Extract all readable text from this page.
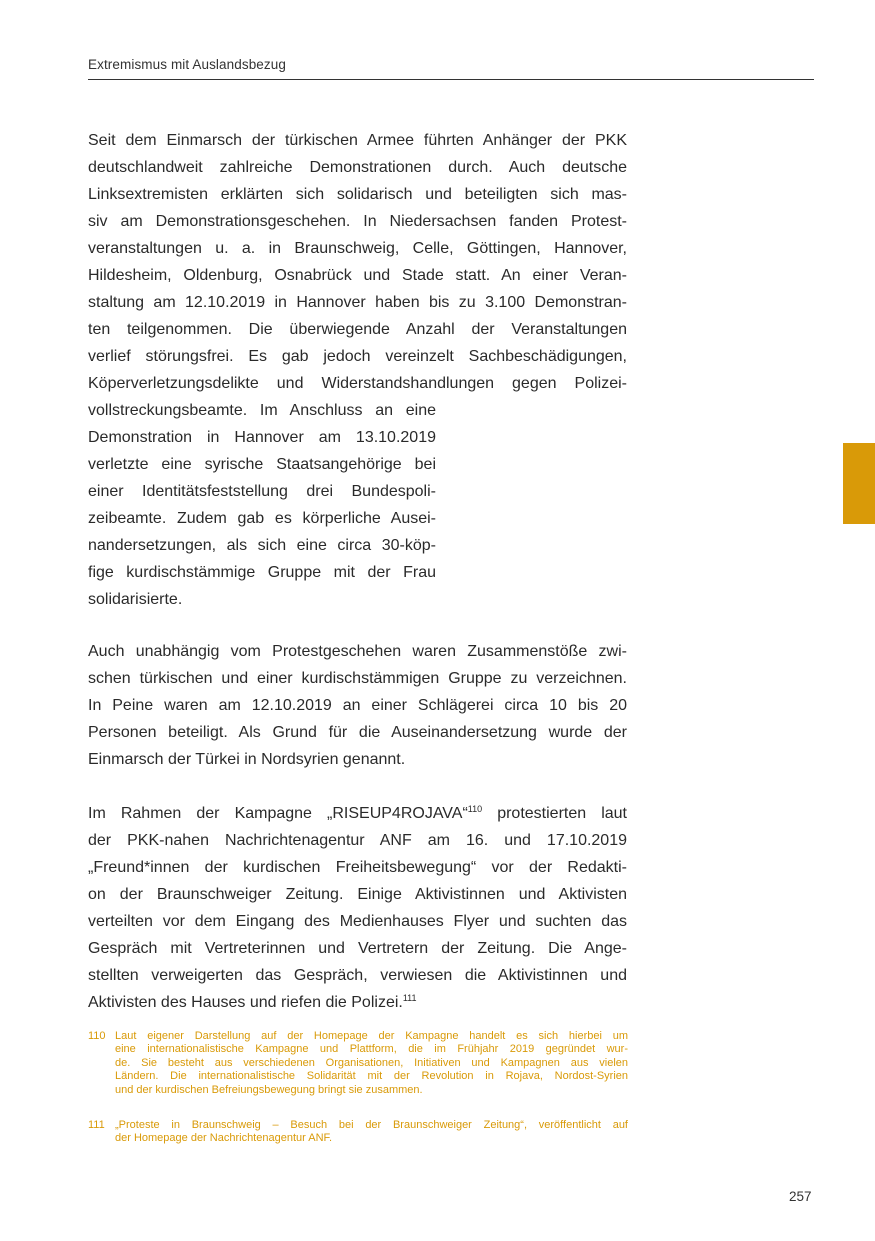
Extremismus mit Auslandsbezug
Seit dem Einmarsch der türkischen Armee führten Anhänger der PKK
deutschlandweit zahlreiche Demonstrationen durch. Auch deutsche
Linksextremisten erklärten sich solidarisch und beteiligten sich mas-
siv am Demonstrationsgeschehen. In Niedersachsen fanden Protest-
veranstaltungen u. a. in Braunschweig, Celle, Göttingen, Hannover,
Hildesheim, Oldenburg, Osnabrück und Stade statt. An einer Veran-
staltung am 12.10.2019 in Hannover haben bis zu 3.100 Demonstran-
ten teilgenommen. Die überwiegende Anzahl der Veranstaltungen
verlief störungsfrei. Es gab jedoch vereinzelt Sachbeschädigungen,
Köperverletzungsdelikte und Widerstandshandlungen gegen Polizei-
vollstreckungsbeamte. Im Anschluss an eine
Demonstration in Hannover am 13.10.2019
verletzte eine syrische Staatsangehörige bei
einer Identitätsfeststellung drei Bundespoli-
zeibeamte. Zudem gab es körperliche Ausei-
nandersetzungen, als sich eine circa 30-köp-
fige kurdischstämmige Gruppe mit der Frau
solidarisierte.
Auch unabhängig vom Protestgeschehen waren Zusammenstöße zwi-
schen türkischen und einer kurdischstämmigen Gruppe zu verzeichnen.
In Peine waren am 12.10.2019 an einer Schlägerei circa 10 bis 20
Personen beteiligt. Als Grund für die Auseinandersetzung wurde der
Einmarsch der Türkei in Nordsyrien genannt.
Im Rahmen der Kampagne „RISEUP4ROJAVA“$^{110}$ protestierten laut
der PKK-nahen Nachrichtenagentur ANF am 16. und 17.10.2019
„Freund*innen der kurdischen Freiheitsbewegung“ vor der Redakti-
on der Braunschweiger Zeitung. Einige Aktivistinnen und Aktivisten
verteilten vor dem Eingang des Medienhauses Flyer und suchten das
Gespräch mit Vertreterinnen und Vertretern der Zeitung. Die Ange-
stellten verweigerten das Gespräch, verwiesen die Aktivistinnen und
Aktivisten des Hauses und riefen die Polizei.$^{111}$
110 Laut eigener Darstellung auf der Homepage der Kampagne handelt es sich hierbei um
eine internationalistische Kampagne und Plattform, die im Frühjahr 2019 gegründet wur-
de. Sie besteht aus verschiedenen Organisationen, Initiativen und Kampagnen aus vielen
Ländern. Die internationalistische Solidarität mit der Revolution in Rojava, Nordost-Syrien
und der kurdischen Befreiungsbewegung bringt sie zusammen.
111 „Proteste in Braunschweig – Besuch bei der Braunschweiger Zeitung“, veröffentlicht auf
der Homepage der Nachrichtenagentur ANF.
257
